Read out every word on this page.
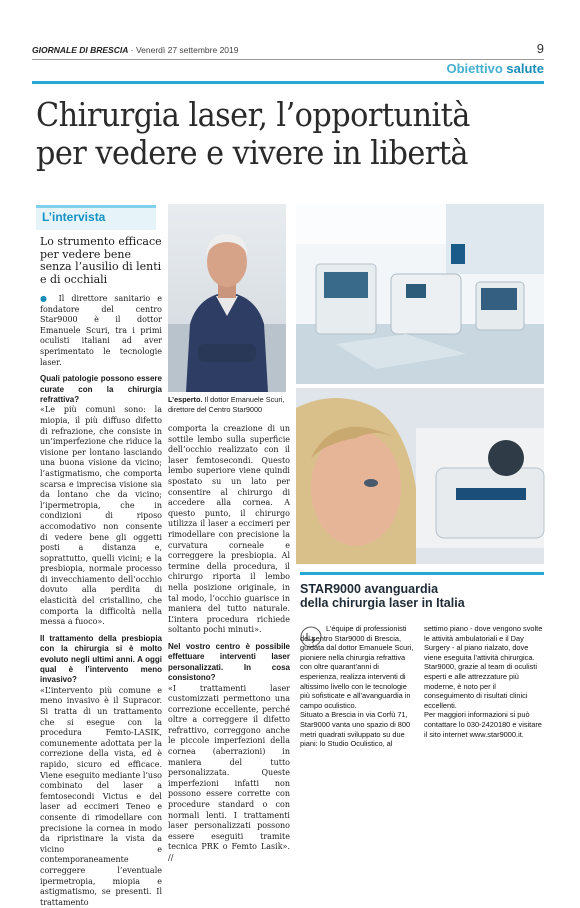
GIORNALE DI BRESCIA · Venerdì 27 settembre 2019	9
Obiettivo salute
Chirurgia laser, l’opportunità
per vedere e vivere in libertà
L’intervista
Lo strumento efficace per vedere bene senza l’ausilio di lenti e di occhiali

● Il direttore sanitario e fondatore del centro Star9000 è il dottor Emanuele Scuri, tra i primi oculisti italiani ad aver sperimentato le tecnologie laser.

Quali patologie possono essere curate con la chirurgia refrattiva?

«Le più comuni sono: la miopia, il più diffuso difetto di refrazione, che consiste in un’imperfezione che riduce la visione per lontano lasciando una buona visione da vicino; l’astigmatismo, che comporta scarsa e imprecisa visione sia da lontano che da vicino; l’ipermetropia, che in condizioni di riposo accomodativo non consente di vedere bene gli oggetti posti a distanza e, soprattutto, quelli vicini; e la presbiopia, normale processo di invecchiamento dell’occhio dovuto alla perdita di elasticità del cristallino, che comporta la difficoltà nella messa a fuoco».

Il trattamento della presbiopia con la chirurgia si è molto evoluto negli ultimi anni. A oggi qual è l’intervento meno invasivo?

«L’intervento più comune e meno invasivo è il Supracor. Si tratta di un trattamento che si esegue con la procedura Femto-LASIK, comunemente adottata per la correzione della vista, ed è rapido, sicuro ed efficace. Viene eseguito mediante l’uso combinato del laser a femtosecondi Victus e del laser ad eccimeri Teneo e consente di rimodellare con precisione la cornea in modo da ripristinare la vista da vicino e contemporaneamente correggere l’eventuale ipermetropia, miopia e astigmatismo, se presenti. Il trattamento

L’esperto. Il dottor Emanuele Scuri, direttore del Centro Star9000

comporta la creazione di un sottile lembo sulla superficie dell’occhio realizzato con il laser femtosecondi. Questo lembo superiore viene quindi spostato su un lato per consentire al chirurgo di accedere alla cornea. A questo punto, il chirurgo utilizza il laser a eccimeri per rimodellare con precisione la curvatura corneale e correggere la presbiopia. Al termine della procedura, il chirurgo riporta il lembo nella posizione originale, in tal modo, l’occhio guarisce in maniera del tutto naturale. L’intera procedura richiede soltanto pochi minuti».

Nel vostro centro è possibile effettuare interventi laser personalizzati. In cosa consistono?

«I trattamenti laser customizzati permettono una correzione eccellente, perché oltre a correggere il difetto refrattivo, correggono anche le piccole imperfezioni della cornea (aberrazioni) in maniera del tutto personalizzata. Queste imperfezioni infatti non possono essere corrette con procedure standard o con normali lenti. I trattamenti laser personalizzati possono essere eseguiti tramite tecnica PRK o Femto Lasik». //

STAR9000 avanguardia
della chirurgia laser in Italia

L’équipe di professionisti del centro Star9000 di Brescia, guidata dal dottor Emanuele Scuri, pioniere nella chirurgia refrattiva con oltre quarant’anni di esperienza, realizza interventi di altissimo livello con le tecnologie più sofisticate e all’avanguardia in campo oculistico.

Situato a Brescia in via Corfù 71, Star9000 vanta uno spazio di 800 metri quadrati sviluppato su due piani: lo Studio Oculistico, al

settimo piano - dove vengono svolte le attività ambulatoriali e il Day Surgery - al piano rialzato, dove viene eseguita l’attività chirurgica.

Star9000, grazie al team di oculisti esperti e alle attrezzature più moderne, è noto per il conseguimento di risultati clinici eccellenti.

Per maggiori informazioni si può contattare lo 030-2420180 e visitare il sito internet www.star9000.it.
